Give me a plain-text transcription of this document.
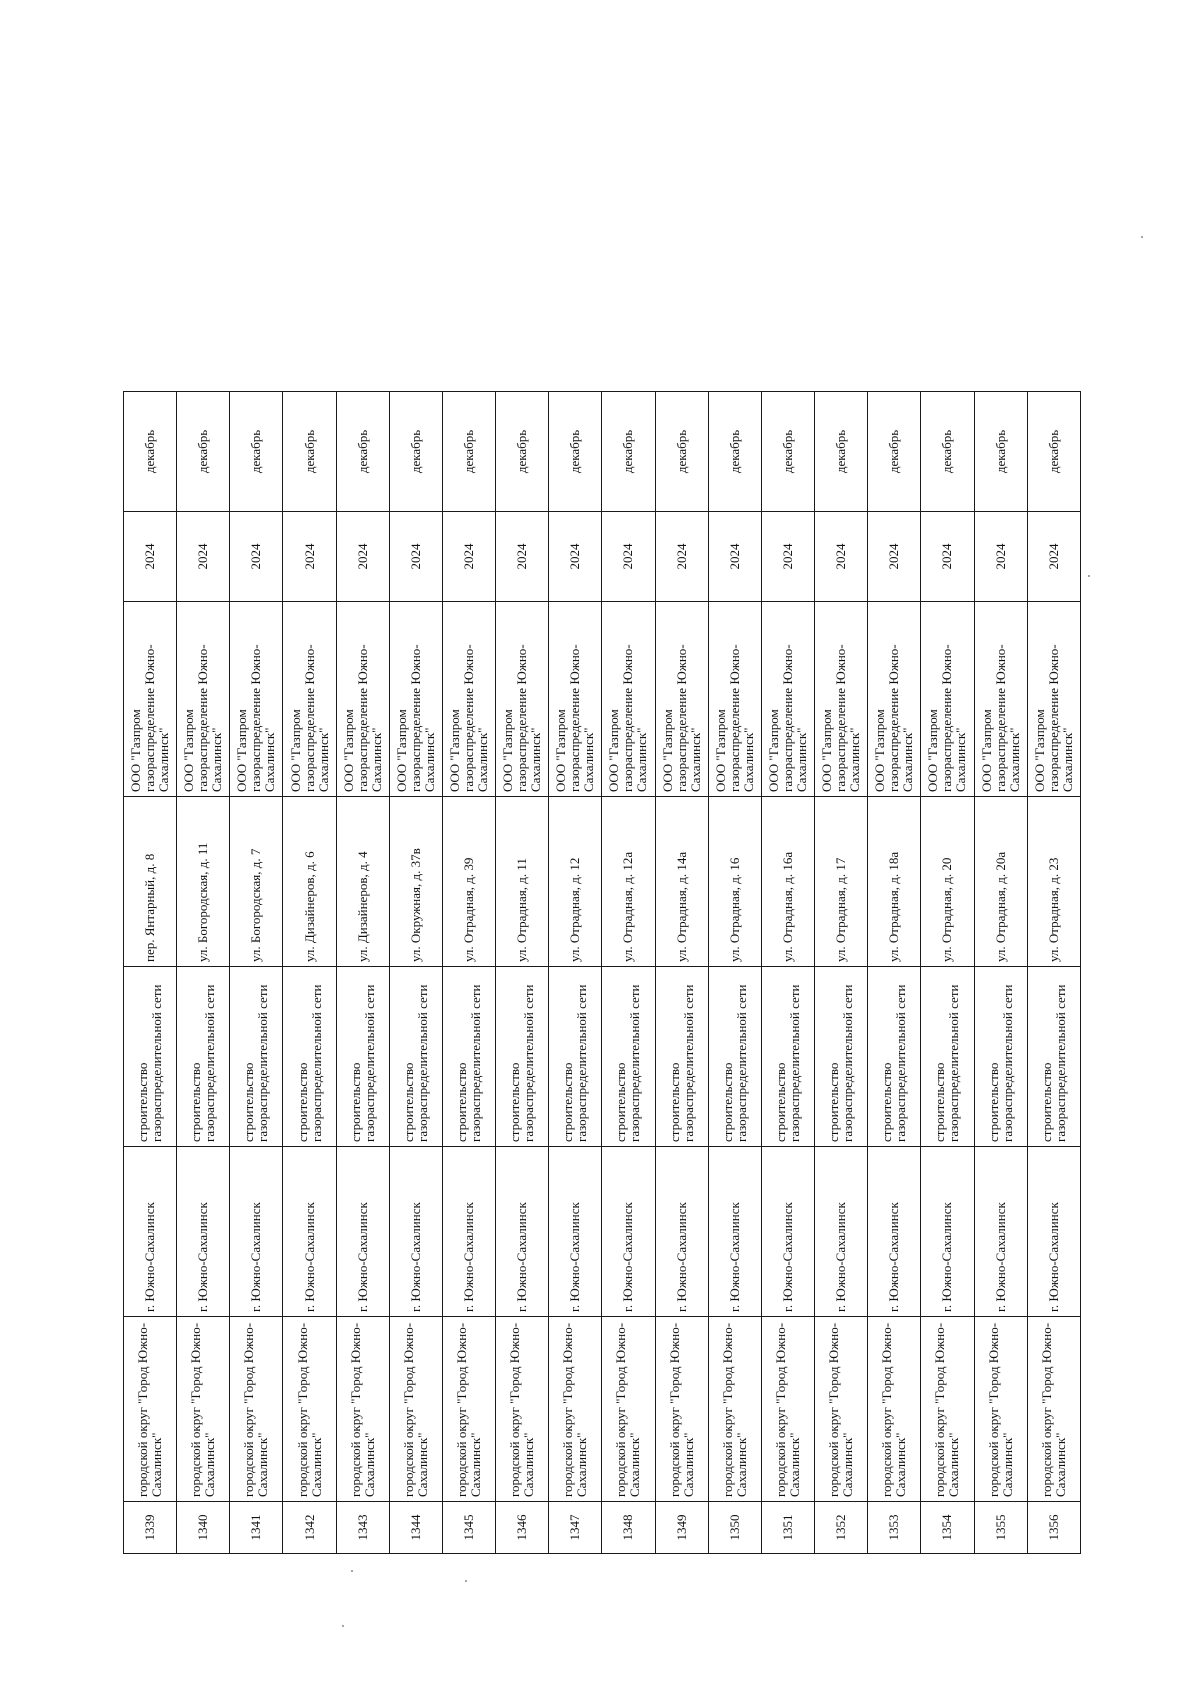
1339	городской округ "Город Южно-Сахалинск"	г. Южно-Сахалинск	строительство газораспределительной сети	пер. Янтарный, д. 8	ООО "Газпром газораспределение Южно-Сахалинск"	2024	декабрь
1340	городской округ "Город Южно-Сахалинск"	г. Южно-Сахалинск	строительство газораспределительной сети	ул. Богородская, д. 11	ООО "Газпром газораспределение Южно-Сахалинск"	2024	декабрь
1341	городской округ "Город Южно-Сахалинск"	г. Южно-Сахалинск	строительство газораспределительной сети	ул. Богородская, д. 7	ООО "Газпром газораспределение Южно-Сахалинск"	2024	декабрь
1342	городской округ "Город Южно-Сахалинск"	г. Южно-Сахалинск	строительство газораспределительной сети	ул. Дизайнеров, д. 6	ООО "Газпром газораспределение Южно-Сахалинск"	2024	декабрь
1343	городской округ "Город Южно-Сахалинск"	г. Южно-Сахалинск	строительство газораспределительной сети	ул. Дизайнеров, д. 4	ООО "Газпром газораспределение Южно-Сахалинск"	2024	декабрь
1344	городской округ "Город Южно-Сахалинск"	г. Южно-Сахалинск	строительство газораспределительной сети	ул. Окружная, д. 37в	ООО "Газпром газораспределение Южно-Сахалинск"	2024	декабрь
1345	городской округ "Город Южно-Сахалинск"	г. Южно-Сахалинск	строительство газораспределительной сети	ул. Отрадная, д. 39	ООО "Газпром газораспределение Южно-Сахалинск"	2024	декабрь
1346	городской округ "Город Южно-Сахалинск"	г. Южно-Сахалинск	строительство газораспределительной сети	ул. Отрадная, д. 11	ООО "Газпром газораспределение Южно-Сахалинск"	2024	декабрь
1347	городской округ "Город Южно-Сахалинск"	г. Южно-Сахалинск	строительство газораспределительной сети	ул. Отрадная, д. 12	ООО "Газпром газораспределение Южно-Сахалинск"	2024	декабрь
1348	городской округ "Город Южно-Сахалинск"	г. Южно-Сахалинск	строительство газораспределительной сети	ул. Отрадная, д. 12а	ООО "Газпром газораспределение Южно-Сахалинск"	2024	декабрь
1349	городской округ "Город Южно-Сахалинск"	г. Южно-Сахалинск	строительство газораспределительной сети	ул. Отрадная, д. 14а	ООО "Газпром газораспределение Южно-Сахалинск"	2024	декабрь
1350	городской округ "Город Южно-Сахалинск"	г. Южно-Сахалинск	строительство газораспределительной сети	ул. Отрадная, д. 16	ООО "Газпром газораспределение Южно-Сахалинск"	2024	декабрь
1351	городской округ "Город Южно-Сахалинск"	г. Южно-Сахалинск	строительство газораспределительной сети	ул. Отрадная, д. 16а	ООО "Газпром газораспределение Южно-Сахалинск"	2024	декабрь
1352	городской округ "Город Южно-Сахалинск"	г. Южно-Сахалинск	строительство газораспределительной сети	ул. Отрадная, д. 17	ООО "Газпром газораспределение Южно-Сахалинск"	2024	декабрь
1353	городской округ "Город Южно-Сахалинск"	г. Южно-Сахалинск	строительство газораспределительной сети	ул. Отрадная, д. 18а	ООО "Газпром газораспределение Южно-Сахалинск"	2024	декабрь
1354	городской округ "Город Южно-Сахалинск"	г. Южно-Сахалинск	строительство газораспределительной сети	ул. Отрадная, д. 20	ООО "Газпром газораспределение Южно-Сахалинск"	2024	декабрь
1355	городской округ "Город Южно-Сахалинск"	г. Южно-Сахалинск	строительство газораспределительной сети	ул. Отрадная, д. 20а	ООО "Газпром газораспределение Южно-Сахалинск"	2024	декабрь
1356	городской округ "Город Южно-Сахалинск"	г. Южно-Сахалинск	строительство газораспределительной сети	ул. Отрадная, д. 23	ООО "Газпром газораспределение Южно-Сахалинск"	2024	декабрь
